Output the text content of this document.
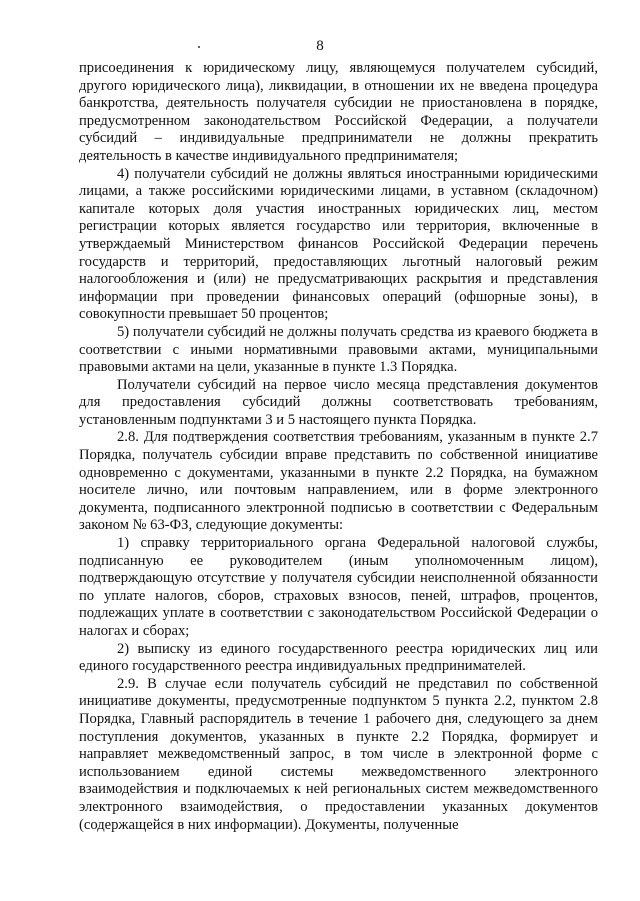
8

присоединения к юридическому лицу, являющемуся получателем субсидий, другого юридического лица), ликвидации, в отношении их не введена процедура банкротства, деятельность получателя субсидии не приостановлена в порядке, предусмотренном законодательством Российской Федерации, а получатели субсидий – индивидуальные предприниматели не должны прекратить деятельность в качестве индивидуального предпринимателя;

4) получатели субсидий не должны являться иностранными юридическими лицами, а также российскими юридическими лицами, в уставном (складочном) капитале которых доля участия иностранных юридических лиц, местом регистрации которых является государство или территория, включенные в утверждаемый Министерством финансов Российской Федерации перечень государств и территорий, предоставляющих льготный налоговый режим налогообложения и (или) не предусматривающих раскрытия и представления информации при проведении финансовых операций (офшорные зоны), в совокупности превышает 50 процентов;

5) получатели субсидий не должны получать средства из краевого бюджета в соответствии с иными нормативными правовыми актами, муниципальными правовыми актами на цели, указанные в пункте 1.3 Порядка.

Получатели субсидий на первое число месяца представления документов для предоставления субсидий должны соответствовать требованиям, установленным подпунктами 3 и 5 настоящего пункта Порядка.

2.8. Для подтверждения соответствия требованиям, указанным в пункте 2.7 Порядка, получатель субсидии вправе представить по собственной инициативе одновременно с документами, указанными в пункте 2.2 Порядка, на бумажном носителе лично, или почтовым направлением, или в форме электронного документа, подписанного электронной подписью в соответствии с Федеральным законом № 63-ФЗ, следующие документы:

1) справку территориального органа Федеральной налоговой службы, подписанную ее руководителем (иным уполномоченным лицом), подтверждающую отсутствие у получателя субсидии неисполненной обязанности по уплате налогов, сборов, страховых взносов, пеней, штрафов, процентов, подлежащих уплате в соответствии с законодательством Российской Федерации о налогах и сборах;

2) выписку из единого государственного реестра юридических лиц или единого государственного реестра индивидуальных предпринимателей.

2.9. В случае если получатель субсидий не представил по собственной инициативе документы, предусмотренные подпунктом 5 пункта 2.2, пунктом 2.8 Порядка, Главный распорядитель в течение 1 рабочего дня, следующего за днем поступления документов, указанных в пункте 2.2 Порядка, формирует и направляет межведомственный запрос, в том числе в электронной форме с использованием единой системы межведомственного электронного взаимодействия и подключаемых к ней региональных систем межведомственного электронного взаимодействия, о предоставлении указанных документов (содержащейся в них информации). Документы, полученные
